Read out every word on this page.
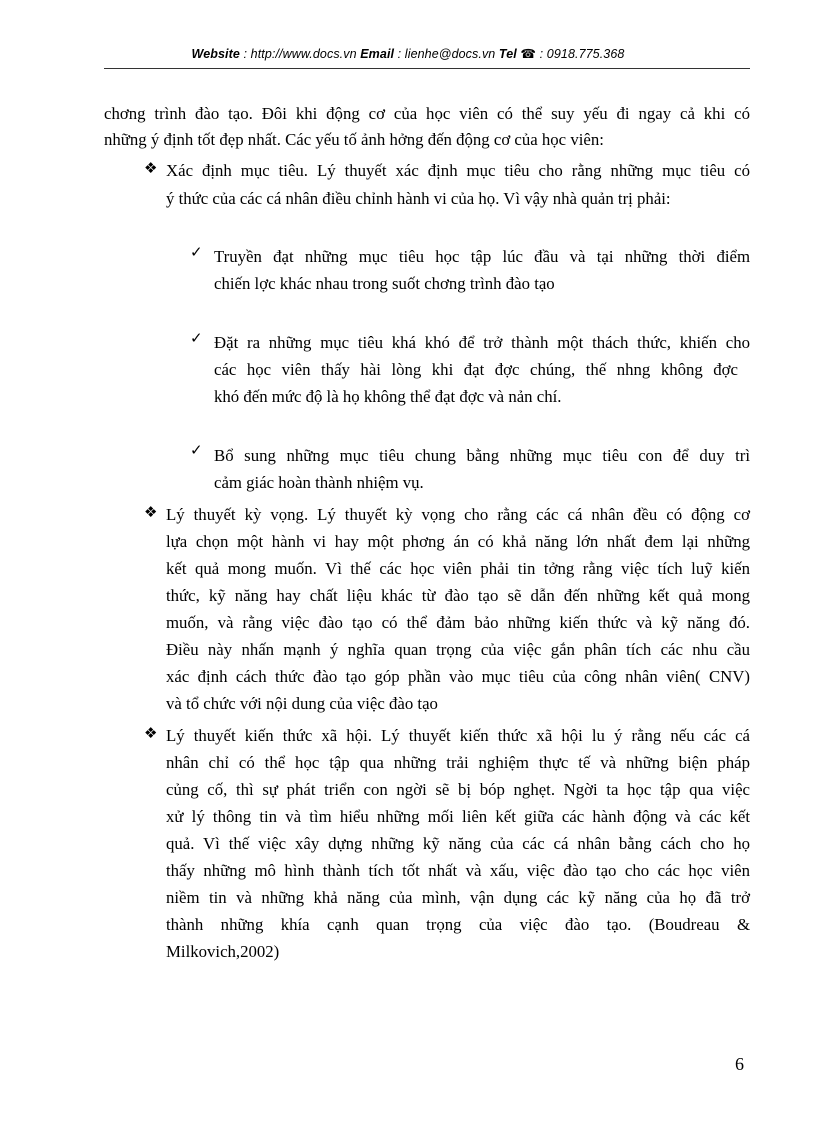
Website : http://www.docs.vn Email : lienhe@docs.vn Tel ☎ : 0918.775.368
chơng trình đào tạo. Đôi khi động cơ của học viên có thể suy yếu đi ngay cả khi có
những ý định tốt đẹp nhất. Các yếu tố ảnh hởng đến động cơ của học viên:
❖ Xác định mục tiêu. Lý thuyết xác định mục tiêu cho rằng những mục tiêu có
ý thức của các cá nhân điều chỉnh hành vi của họ. Vì vậy nhà quản trị phải:
✓ Truyền đạt những mục tiêu học tập lúc đầu và tại những thời điểm
chiến lợc khác nhau trong suốt chơng trình đào tạo
✓ Đặt ra những mục tiêu khá khó để trở thành một thách thức, khiến cho
các học viên thấy hài lòng khi đạt đợc chúng, thế nhng không đợc
khó đến mức độ là họ không thể đạt đợc và nản chí.
✓ Bổ sung những mục tiêu chung bằng những mục tiêu con để duy trì
cảm giác hoàn thành nhiệm vụ.
❖ Lý thuyết kỳ vọng. Lý thuyết kỳ vọng cho rằng các cá nhân đều có động cơ
lựa chọn một hành vi hay một phơng án có khả năng lớn nhất đem lại những
kết quả mong muốn. Vì thế các học viên phải tin tởng rằng việc tích luỹ kiến
thức, kỹ năng hay chất liệu khác từ đào tạo sẽ dẫn đến những kết quả mong
muốn, và rằng việc đào tạo có thể đảm bảo những kiến thức và kỹ năng đó.
Điều này nhấn mạnh ý nghĩa quan trọng của việc gắn phân tích các nhu cầu
xác định cách thức đào tạo góp phần vào mục tiêu của công nhân viên( CNV)
và tổ chức với nội dung của việc đào tạo
❖ Lý thuyết kiến thức xã hội. Lý thuyết kiến thức xã hội lu ý rằng nếu các cá
nhân chỉ có thể học tập qua những trải nghiệm thực tế và những biện pháp
củng cố, thì sự phát triển con ngời sẽ bị bóp nghẹt. Ngời ta học tập qua việc
xử lý thông tin và tìm hiểu những mối liên kết giữa các hành động và các kết
quả. Vì thế việc xây dựng những kỹ năng của các cá nhân bằng cách cho họ
thấy những mô hình thành tích tốt nhất và xấu, việc đào tạo cho các học viên
niềm tin và những khả năng của mình, vận dụng các kỹ năng của họ đã trở
thành những khía cạnh quan trọng của việc đào tạo. (Boudreau &
Milkovich,2002)
6
